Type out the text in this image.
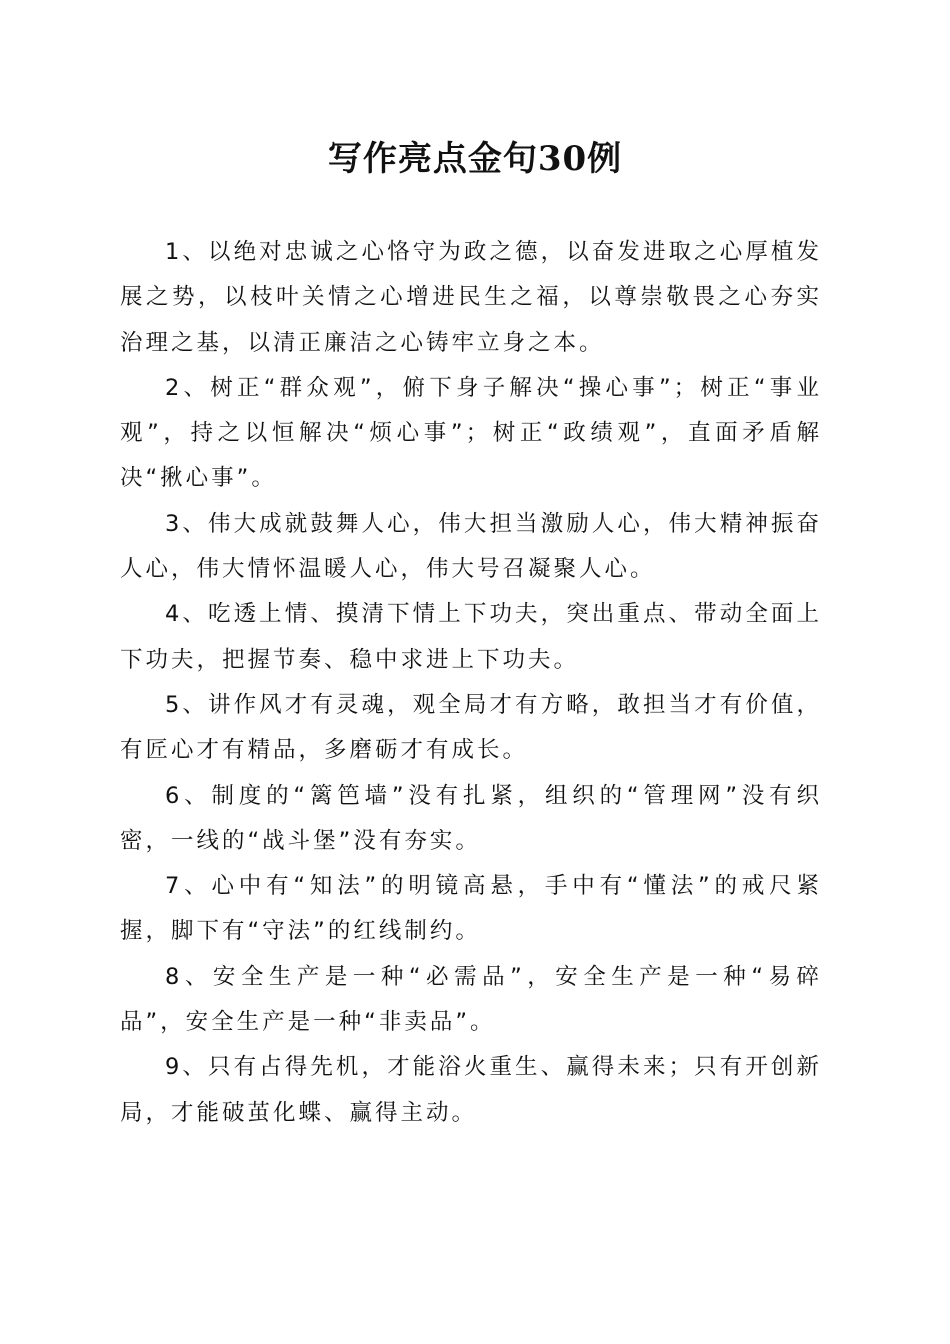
写作亮点金句30例

1、以绝对忠诚之心恪守为政之德，以奋发进取之心厚植发展之势，以枝叶关情之心增进民生之福，以尊崇敬畏之心夯实治理之基，以清正廉洁之心铸牢立身之本。

2、树正“群众观”，俯下身子解决“操心事”；树正“事业观”，持之以恒解决“烦心事”；树正“政绩观”，直面矛盾解决“揪心事”。

3、伟大成就鼓舞人心，伟大担当激励人心，伟大精神振奋人心，伟大情怀温暖人心，伟大号召凝聚人心。

4、吃透上情、摸清下情上下功夫，突出重点、带动全面上下功夫，把握节奏、稳中求进上下功夫。

5、讲作风才有灵魂，观全局才有方略，敢担当才有价值，有匠心才有精品，多磨砺才有成长。

6、制度的“篱笆墙”没有扎紧，组织的“管理网”没有织密，一线的“战斗堡”没有夯实。

7、心中有“知法”的明镜高悬，手中有“懂法”的戒尺紧握，脚下有“守法”的红线制约。

8、安全生产是一种“必需品”，安全生产是一种“易碎品”，安全生产是一种“非卖品”。

9、只有占得先机，才能浴火重生、赢得未来；只有开创新局，才能破茧化蝶、赢得主动。
